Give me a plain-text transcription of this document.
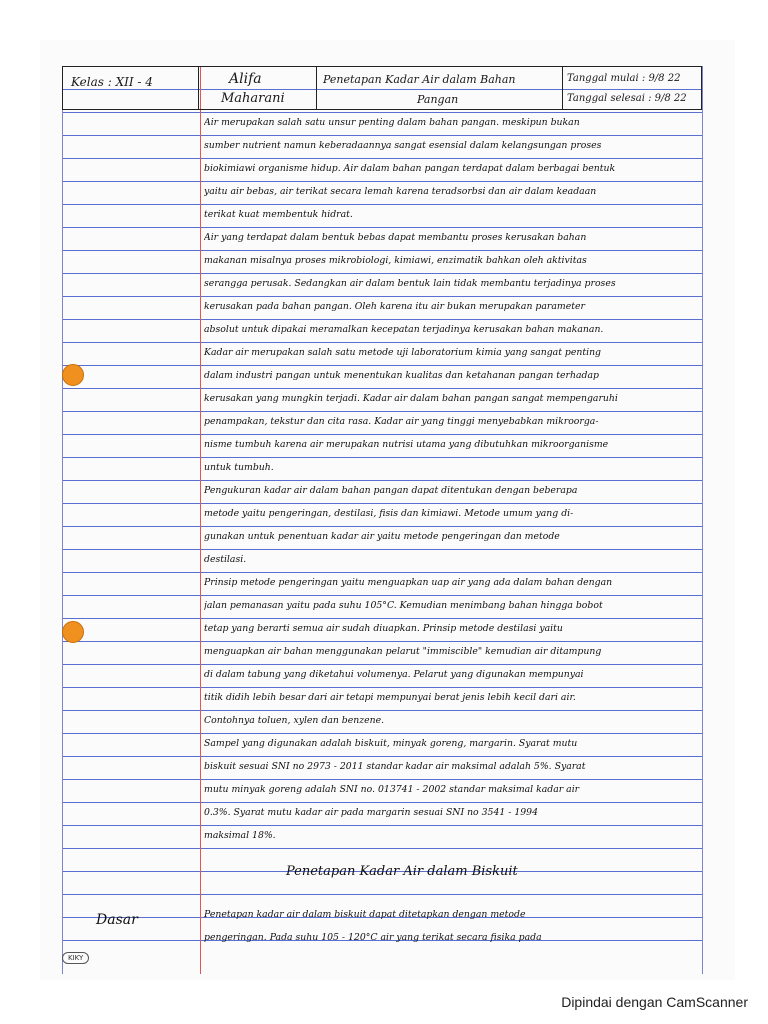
Kelas : XII - 4	Alifa
Maharani
Penetapan Kadar Air dalam Bahan
Pangan
Tanggal mulai : 9/8 22
Tanggal selesai : 9/8 22
Air merupakan salah satu unsur penting dalam bahan pangan. meskipun bukan
sumber nutrient namun keberadaannya sangat esensial dalam kelangsungan proses
biokimiawi organisme hidup. Air dalam bahan pangan terdapat dalam berbagai bentuk
yaitu air bebas, air terikat secara lemah karena teradsorbsi dan air dalam keadaan
terikat kuat membentuk hidrat.
Air yang terdapat dalam bentuk bebas dapat membantu proses kerusakan bahan
makanan misalnya proses mikrobiologi, kimiawi, enzimatik bahkan oleh aktivitas
serangga perusak. Sedangkan air dalam bentuk lain tidak membantu terjadinya proses
kerusakan pada bahan pangan. Oleh karena itu air bukan merupakan parameter
absolut untuk dipakai meramalkan kecepatan terjadinya kerusakan bahan makanan.
Kadar air merupakan salah satu metode uji laboratorium kimia yang sangat penting
dalam industri pangan untuk menentukan kualitas dan ketahanan pangan terhadap
kerusakan yang mungkin terjadi. Kadar air dalam bahan pangan sangat mempengaruhi
penampakan, tekstur dan cita rasa. Kadar air yang tinggi menyebabkan mikroorga-
nisme tumbuh karena air merupakan nutrisi utama yang dibutuhkan mikroorganisme
untuk tumbuh.
Pengukuran kadar air dalam bahan pangan dapat ditentukan dengan beberapa
metode yaitu pengeringan, destilasi, fisis dan kimiawi. Metode umum yang di-
gunakan untuk penentuan kadar air yaitu metode pengeringan dan metode
destilasi.
Prinsip metode pengeringan yaitu menguapkan uap air yang ada dalam bahan dengan
jalan pemanasan yaitu pada suhu 105°C. Kemudian menimbang bahan hingga bobot
tetap yang berarti semua air sudah diuapkan. Prinsip metode destilasi yaitu
menguapkan air bahan menggunakan pelarut "immiscible" kemudian air ditampung
di dalam tabung yang diketahui volumenya. Pelarut yang digunakan mempunyai
titik didih lebih besar dari air tetapi mempunyai berat jenis lebih kecil dari air.
Contohnya toluen, xylen dan benzene.
Sampel yang digunakan adalah biskuit, minyak goreng, margarin. Syarat mutu
biskuit sesuai SNI no 2973 - 2011 standar kadar air maksimal adalah 5%. Syarat
mutu minyak goreng adalah SNI no. 013741 - 2002 standar maksimal kadar air
0.3%. Syarat mutu kadar air pada margarin sesuai SNI no 3541 - 1994
maksimal 18%.
Penetapan Kadar Air dalam Biskuit
Dasar	Penetapan kadar air dalam biskuit dapat ditetapkan dengan metode
pengeringan. Pada suhu 105 - 120°C air yang terikat secara fisika pada
KIKY
Dipindai dengan CamScanner
